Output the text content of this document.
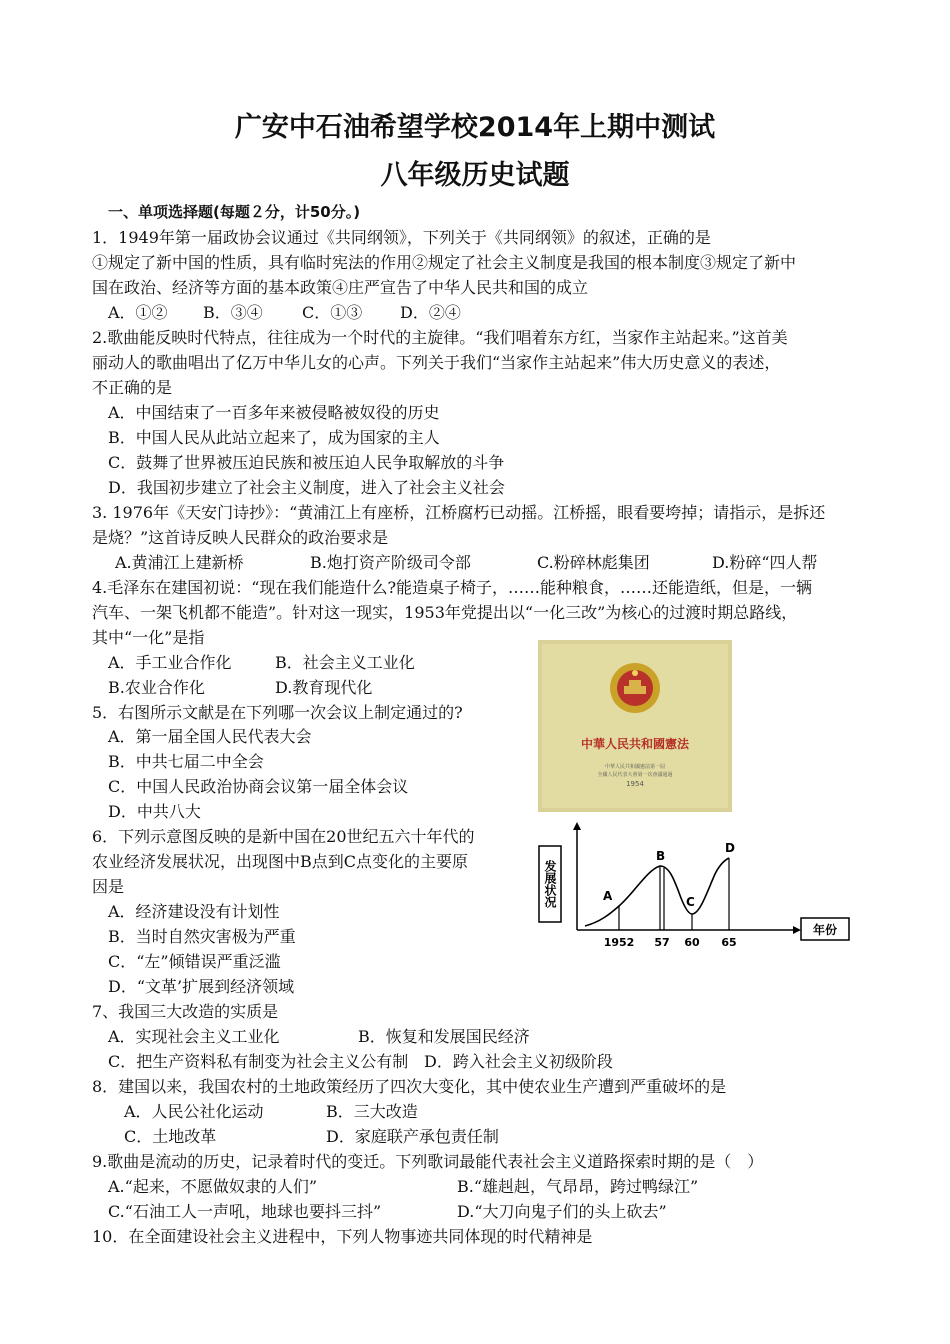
广安中石油希望学校2014年上期中测试
八年级历史试题
一、单项选择题(每题２分，计50分。)
1．1949年第一届政协会议通过《共同纲领》，下列关于《共同纲领》的叙述，正确的是
①规定了新中国的性质，具有临时宪法的作用②规定了社会主义制度是我国的根本制度③规定了新中
国在政治、经济等方面的基本政策④庄严宣告了中华人民共和国的成立
A．①② B．③④ C．①③ D．②④
2.歌曲能反映时代特点，往往成为一个时代的主旋律。“我们唱着东方红，当家作主站起来。”这首美
丽动人的歌曲唱出了亿万中华儿女的心声。下列关于我们“当家作主站起来”伟大历史意义的表述，
不正确的是
A．中国结束了一百多年来被侵略被奴役的历史
B．中国人民从此站立起来了，成为国家的主人
C．鼓舞了世界被压迫民族和被压迫人民争取解放的斗争
D．我国初步建立了社会主义制度，进入了社会主义社会
3. 1976年《天安门诗抄》：“黄浦江上有座桥，江桥腐朽已动摇。江桥摇，眼看要垮掉；请指示，是拆还
是烧？”这首诗反映人民群众的政治要求是
A.黄浦江上建新桥	B.炮打资产阶级司令部	C.粉碎林彪集团	D.粉碎“四人帮
4.毛泽东在建国初说：“现在我们能造什么?能造桌子椅子，……能种粮食，……还能造纸，但是，一辆
汽车、一架飞机都不能造”。针对这一现实，1953年党提出以“一化三改”为核心的过渡时期总路线，
其中“一化”是指
A．手工业合作化	B．社会主义工业化
B.农业合作化	D.教育现代化
中華人民共和國憲法
中華人民共和國憲法第一屆
全國人民代表大會第一次會議通過
1954
5．右图所示文献是在下列哪一次会议上制定通过的?
A．第一届全国人民代表大会
B．中共七届二中全会
C．中国人民政治协商会议第一届全体会议
D．中共八大
6．下列示意图反映的是新中国在20世纪五六十年代的
农业经济发展状况，出现图中B点到C点变化的主要原
因是
A．经济建设没有计划性
B．当时自然灾害极为严重
C．“左”倾错误严重泛滥
D．“文革’扩展到经济领域
发展状况
年份
A
B
C
D
1952 57 60 65
7、我国三大改造的实质是
A．实现社会主义工业化	B．恢复和发展国民经济
C．把生产资料私有制变为社会主义公有制 D．跨入社会主义初级阶段
8．建国以来，我国农村的土地政策经历了四次大变化，其中使农业生产遭到严重破坏的是
A．人民公社化运动	B．三大改造
C．土地改革	D．家庭联产承包责任制
9.歌曲是流动的历史，记录着时代的变迁。下列歌词最能代表社会主义道路探索时期的是（　）
A.“起来，不愿做奴隶的人们”	B.“雄赳赳，气昂昂，跨过鸭绿江”
C.“石油工人一声吼，地球也要抖三抖”	D.“大刀向鬼子们的头上砍去”
10．在全面建设社会主义进程中，下列人物事迹共同体现的时代精神是
